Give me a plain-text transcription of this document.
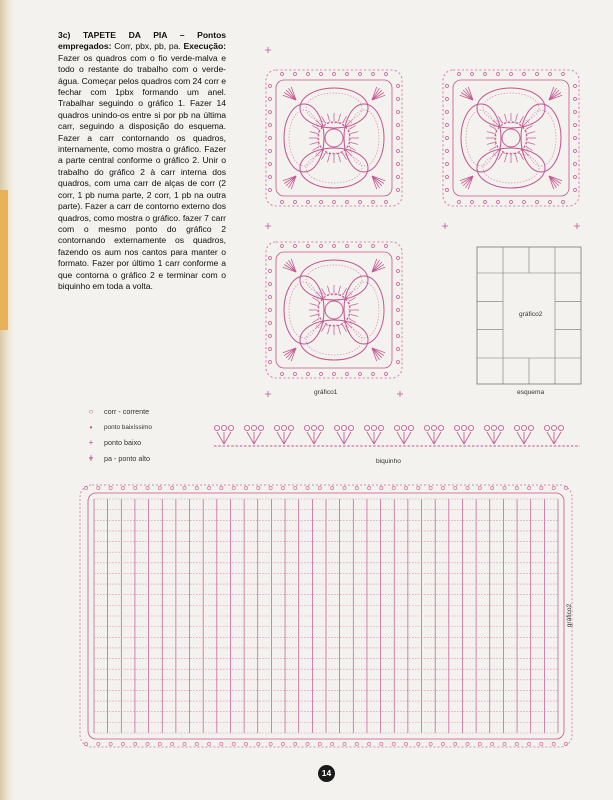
3c) TAPETE DA PIA – Pontos empregados: Corr, pbx, pb, pa. Execução: Fazer os quadros com o fio verde-malva e todo o restante do trabalho com o verde-água. Começar pelos quadros com 24 corr e fechar com 1pbx formando um anel. Trabalhar seguindo o gráfico 1. Fazer 14 quadros unindo-os entre si por pb na última carr, seguindo a disposição do esquema. Fazer a carr contornando os quadros, internamente, como mostra o gráfico. Fazer a parte central conforme o gráfico 2. Unir o trabalho do gráfico 2 à carr interna dos quadros, com uma carr de alças de corr (2 corr, 1 pb numa parte, 2 corr, 1 pb na outra parte). Fazer a carr de contorno externo dos quadros, como mostra o gráfico. fazer 7 carr com o mesmo ponto do gráfico 2 contornando externamente os quadros, fazendo os aum nos cantos para manter o formato. Fazer por último 1 carr conforme a que contorna o gráfico 2 e terminar com o biquinho em toda a volta.
○	corr - corrente
•	ponto baixíssimo
+	ponto baixo
ǂ	pa - ponto alto
gráfico1	esquema
gráfico2
biquinho
gráfico2
14
